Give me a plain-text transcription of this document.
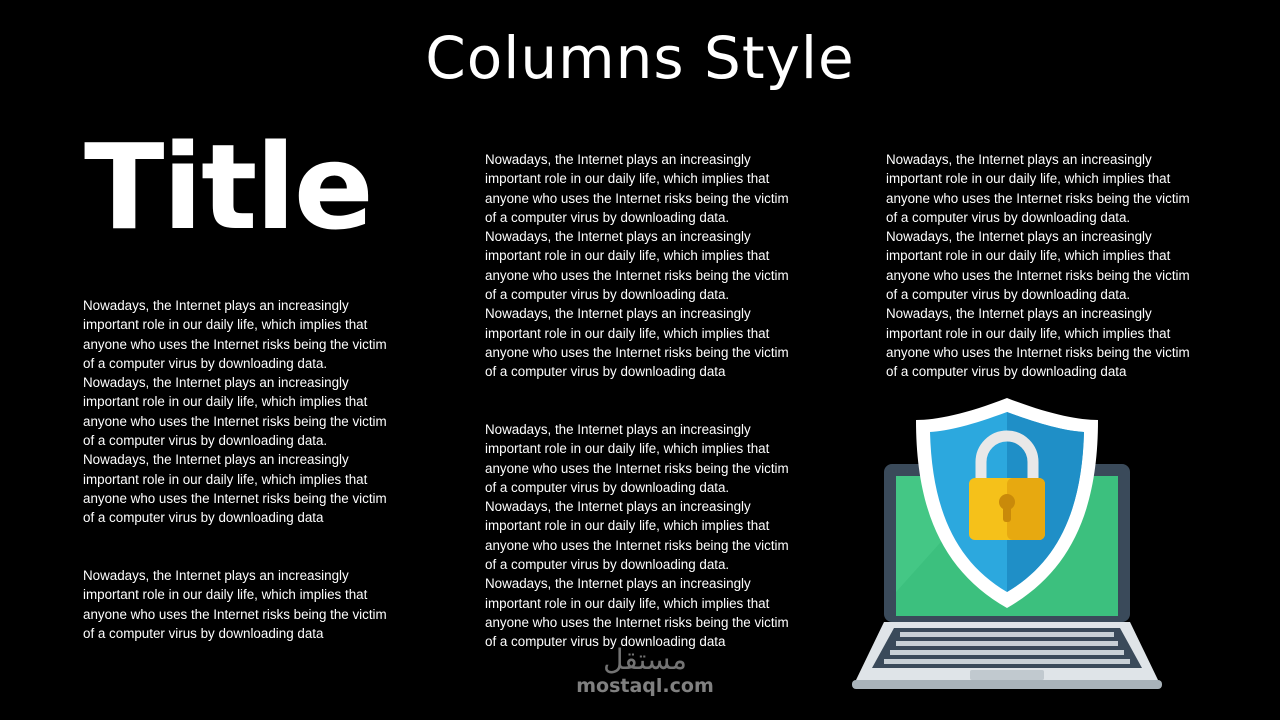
Columns Style
Title

Nowadays, the Internet plays an increasingly important role in our daily life, which implies that anyone who uses the Internet risks being the victim of a computer virus by downloading data. Nowadays, the Internet plays an increasingly important role in our daily life, which implies that anyone who uses the Internet risks being the victim of a computer virus by downloading data. Nowadays, the Internet plays an increasingly important role in our daily life, which implies that anyone who uses the Internet risks being the victim of a computer virus by downloading data

Nowadays, the Internet plays an increasingly important role in our daily life, which implies that anyone who uses the Internet risks being the victim of a computer virus by downloading data

Nowadays, the Internet plays an increasingly important role in our daily life, which implies that anyone who uses the Internet risks being the victim of a computer virus by downloading data. Nowadays, the Internet plays an increasingly important role in our daily life, which implies that anyone who uses the Internet risks being the victim of a computer virus by downloading data. Nowadays, the Internet plays an increasingly important role in our daily life, which implies that anyone who uses the Internet risks being the victim of a computer virus by downloading data

Nowadays, the Internet plays an increasingly important role in our daily life, which implies that anyone who uses the Internet risks being the victim of a computer virus by downloading data. Nowadays, the Internet plays an increasingly important role in our daily life, which implies that anyone who uses the Internet risks being the victim of a computer virus by downloading data. Nowadays, the Internet plays an increasingly important role in our daily life, which implies that anyone who uses the Internet risks being the victim of a computer virus by downloading data

Nowadays, the Internet plays an increasingly important role in our daily life, which implies that anyone who uses the Internet risks being the victim of a computer virus by downloading data. Nowadays, the Internet plays an increasingly important role in our daily life, which implies that anyone who uses the Internet risks being the victim of a computer virus by downloading data. Nowadays, the Internet plays an increasingly important role in our daily life, which implies that anyone who uses the Internet risks being the victim of a computer virus by downloading data

مستقل
mostaql.com
